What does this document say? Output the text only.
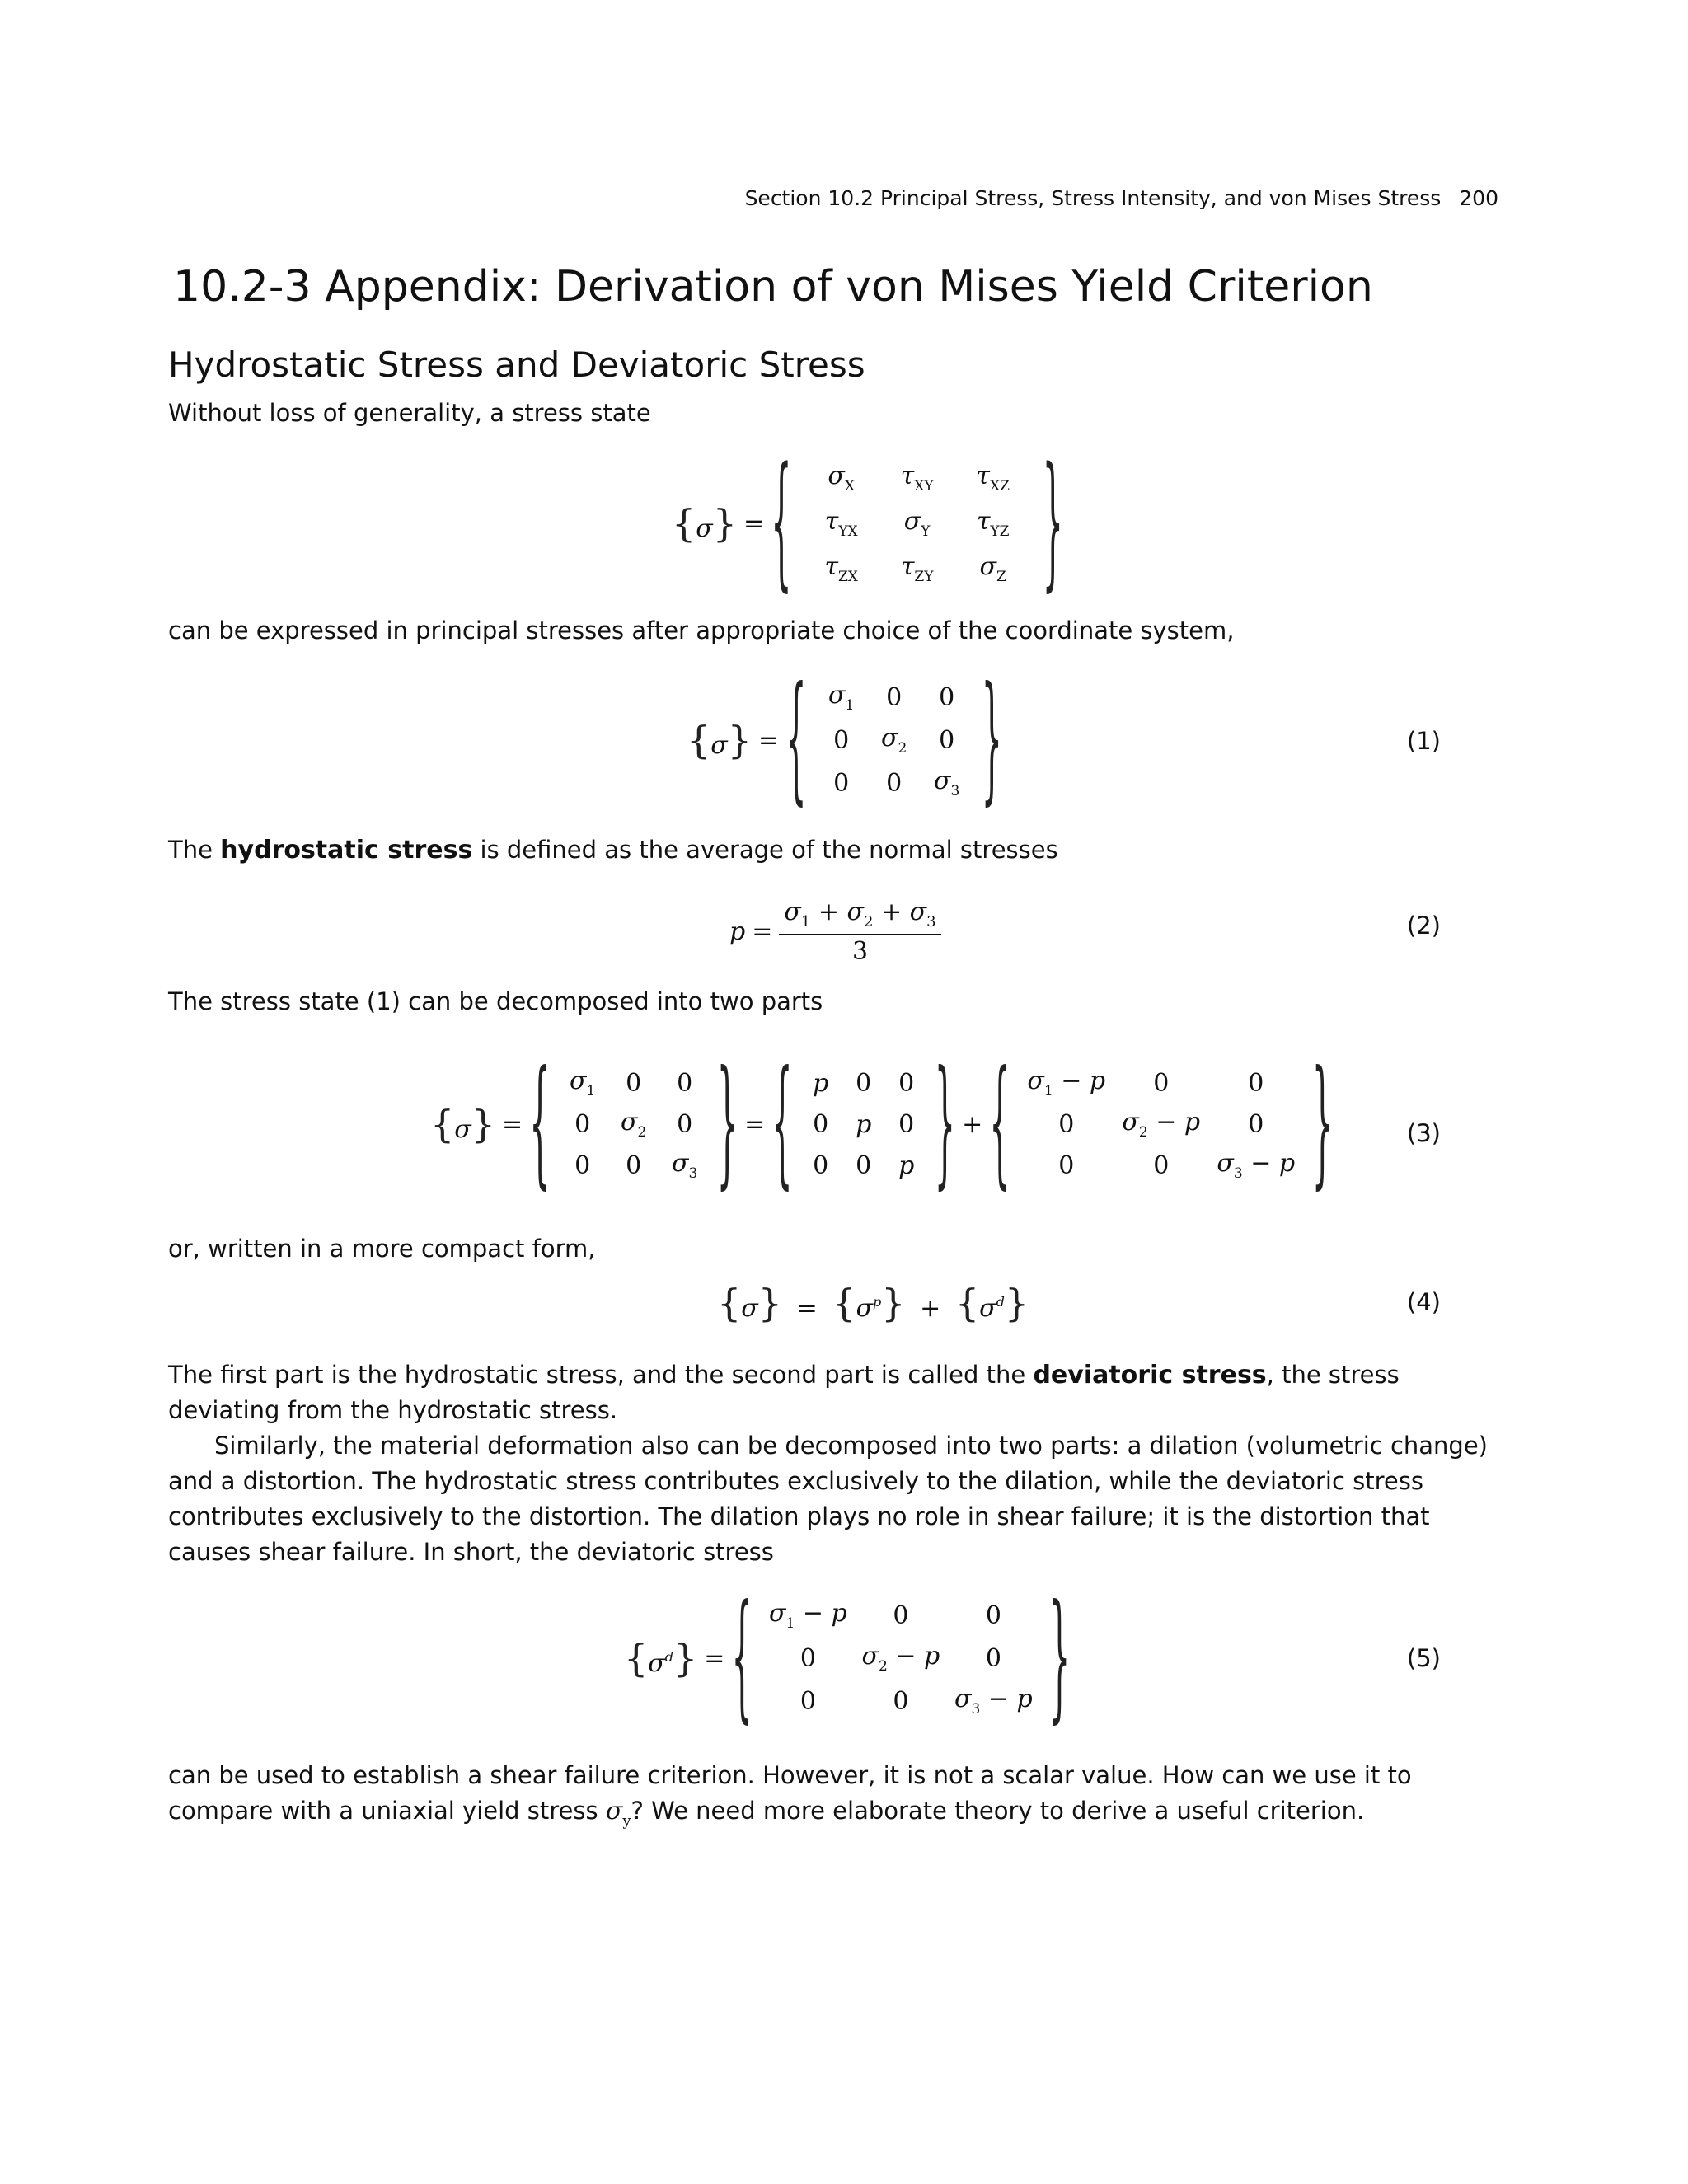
Section 10.2 Principal Stress, Stress Intensity, and von Mises Stress 200
10.2-3 Appendix: Derivation of von Mises Yield Criterion
Hydrostatic Stress and Deviatoric Stress
Without loss of generality, a stress state
{σ} = { $\sigma_X$ $\tau_{XY}$ $\tau_{XZ}$
$\tau_{YX}$ $\sigma_Y$ $\tau_{YZ}$
$\tau_{ZX}$ $\tau_{ZY}$ $\sigma_Z$ }
can be expressed in principal stresses after appropriate choice of the coordinate system,
{σ} = { $\sigma_1$ 0 0
0 $\sigma_2$ 0
0 0 $\sigma_3$ }	(1)
The hydrostatic stress is defined as the average of the normal stresses
$p = \frac{\sigma_1 + \sigma_2 + \sigma_3}{3}$	(2)
The stress state (1) can be decomposed into two parts
{σ} = { $\sigma_1$ 0 0
0 $\sigma_2$ 0
0 0 $\sigma_3$ } = { p 0 0
0 p 0
0 0 p } + { $\sigma_1 - p$ 0	0
0 $\sigma_2 - p$ 0
0	0 $\sigma_3 - p$ }	(3)
or, written in a more compact form,
$\{\sigma\} = \{\sigma^p\} + \{\sigma^d\}$	(4)
The first part is the hydrostatic stress, and the second part is called the deviatoric stress, the stress deviating from the hydrostatic stress.
Similarly, the material deformation also can be decomposed into two parts: a dilation (volumetric change) and a distortion. The hydrostatic stress contributes exclusively to the dilation, while the deviatoric stress contributes exclusively to the distortion. The dilation plays no role in shear failure; it is the distortion that causes shear failure. In short, the deviatoric stress
$\{\sigma^d\}$ = { $\sigma_1 - p$ 0	0
0 $\sigma_2 - p$ 0
0	0 $\sigma_3 - p$ }	(5)
can be used to establish a shear failure criterion. However, it is not a scalar value. How can we use it to compare with a uniaxial yield stress $\sigma_y$? We need more elaborate theory to derive a useful criterion.
